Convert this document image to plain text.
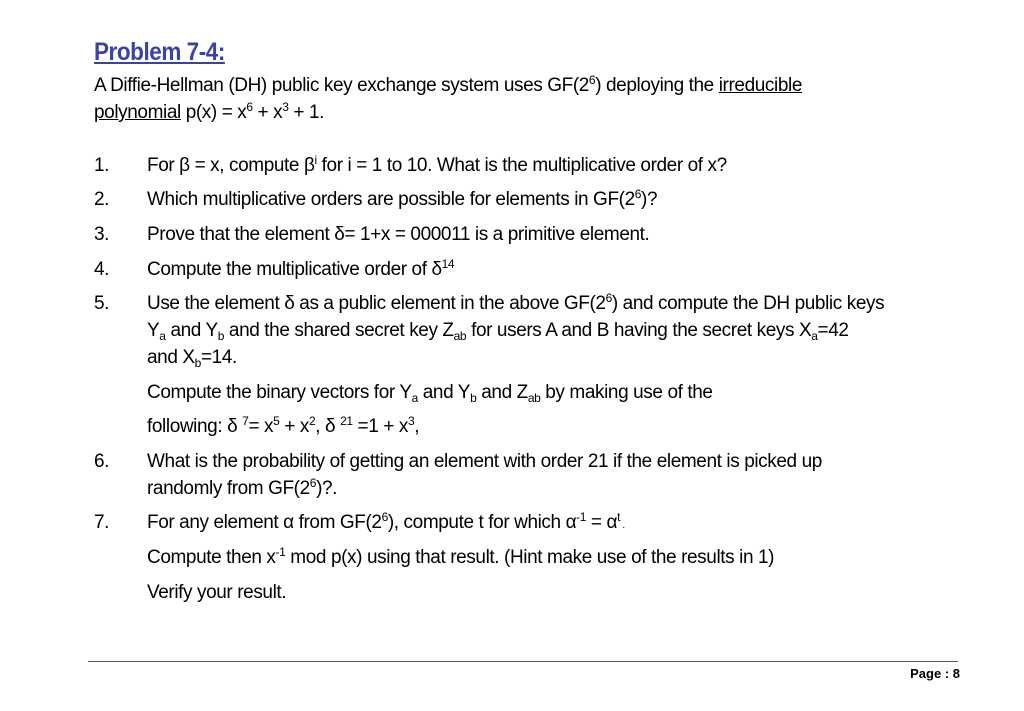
Problem 7-4:
A Diffie-Hellman (DH) public key exchange system uses $GF(2^6)$ deploying the irreducible
polynomial $p(x) = x^6 + x^3 + 1$.
1. For β = x, compute $\beta^i$ for i = 1 to 10. What is the multiplicative order of x?
2. Which multiplicative orders are possible for elements in $GF(2^6)$?
3. Prove that the element δ= 1+x = 000011 is a primitive element.
4. Compute the multiplicative order of $\delta^{14}$
5. Use the element δ as a public element in the above $GF(2^6)$ and compute the DH public keys
$Y_a$ and $Y_b$ and the shared secret key $Z_{ab}$ for users A and B having the secret keys $X_a=42$
and $X_b=14$.
Compute the binary vectors for $Y_a$ and $Y_b$ and $Z_{ab}$ by making use of the
following: δ $^7= x^5 + x^2$, δ $^{21} =1 + x^3$,
6. What is the probability of getting an element with order 21 if the element is picked up
randomly from $GF(2^6)$?.
7. For any element α from $GF(2^6)$, compute t for which $\alpha^{-1} = \alpha^t$ .
Compute then $x^{-1}$ mod p(x) using that result. (Hint make use of the results in 1)
Verify your result.
Page : 8
